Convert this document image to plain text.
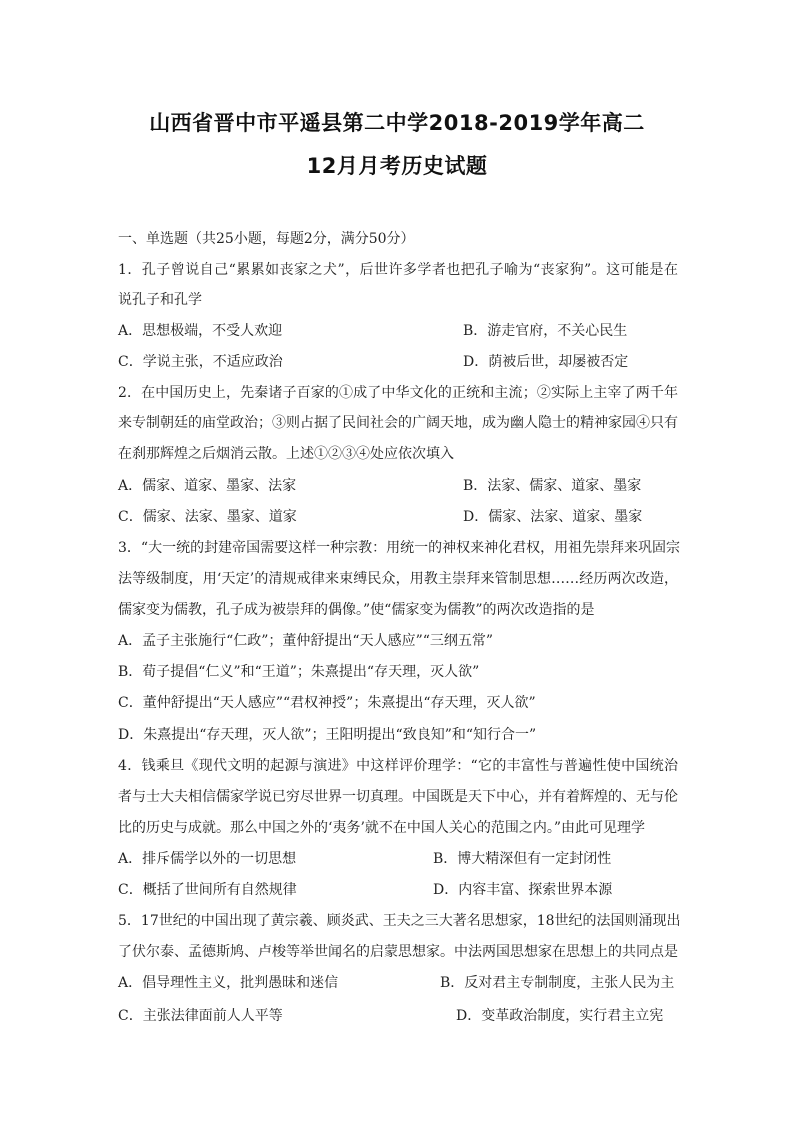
山西省晋中市平遥县第二中学2018-2019学年高二
12月月考历史试题
一、单选题（共25小题，每题2分，满分50分）
1．孔子曾说自己“累累如丧家之犬”，后世许多学者也把孔子喻为“丧家狗”。这可能是在
说孔子和孔学
A．思想极端，不受人欢迎	B．游走官府，不关心民生
C．学说主张，不适应政治	D．荫被后世，却屡被否定
2．在中国历史上，先秦诸子百家的①成了中华文化的正统和主流；②实际上主宰了两千年
来专制朝廷的庙堂政治；③则占据了民间社会的广阔天地，成为幽人隐士的精神家园④只有
在刹那辉煌之后烟消云散。上述①②③④处应依次填入
A．儒家、道家、墨家、法家	B．法家、儒家、道家、墨家
C．儒家、法家、墨家、道家	D．儒家、法家、道家、墨家
3．“大一统的封建帝国需要这样一种宗教：用统一的神权来神化君权，用祖先崇拜来巩固宗
法等级制度，用‘天定’的清规戒律来束缚民众，用教主崇拜来管制思想……经历两次改造，
儒家变为儒教，孔子成为被崇拜的偶像。”使“儒家变为儒教”的两次改造指的是
A．孟子主张施行“仁政”；董仲舒提出“天人感应”“三纲五常”
B．荀子提倡“仁义”和“王道”；朱熹提出“存天理，灭人欲”
C．董仲舒提出“天人感应”“君权神授”；朱熹提出“存天理，灭人欲”
D．朱熹提出“存天理，灭人欲”；王阳明提出“致良知”和“知行合一”
4．钱乘旦《现代文明的起源与演进》中这样评价理学：“它的丰富性与普遍性使中国统治
者与士大夫相信儒家学说已穷尽世界一切真理。中国既是天下中心，并有着辉煌的、无与伦
比的历史与成就。那么中国之外的‘夷务’就不在中国人关心的范围之内。”由此可见理学
A．排斥儒学以外的一切思想	B．博大精深但有一定封闭性
C．概括了世间所有自然规律	D．内容丰富、探索世界本源
5．17世纪的中国出现了黄宗羲、顾炎武、王夫之三大著名思想家，18世纪的法国则涌现出
了伏尔泰、孟德斯鸠、卢梭等举世闻名的启蒙思想家。中法两国思想家在思想上的共同点是
A．倡导理性主义，批判愚昧和迷信	B．反对君主专制制度，主张人民为主
C．主张法律面前人人平等	D．变革政治制度，实行君主立宪
